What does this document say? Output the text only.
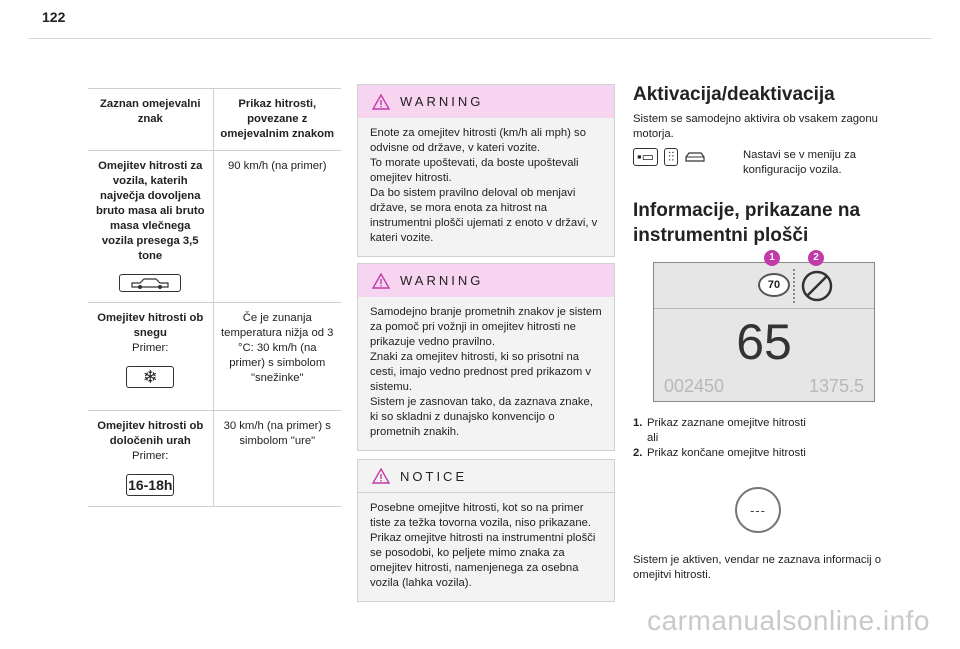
122
Zaznan omejevalni znak	Prikaz hitrosti, povezane z omejevalnim znakom

Omejitev hitrosti za vozila, katerih največja dovoljena bruto masa ali bruto masa vlečnega vozila presega 3,5 tone	90 km/h (na primer)

Omejitev hitrosti ob snegu
Primer:
❄	Če je zunanja temperatura nižja od 3 °C: 30 km/h (na primer) s simbolom "snežinke"

Omejitev hitrosti ob določenih urah
Primer:
16-18h	30 km/h (na primer) s simbolom "ure"
WARNING

Enote za omejitev hitrosti (km/h ali mph) so odvisne od države, v kateri vozite.

To morate upoštevati, da boste upoštevali omejitev hitrosti.

Da bo sistem pravilno deloval ob menjavi države, se mora enota za hitrost na instrumentni plošči ujemati z enoto v državi, v kateri vozite.

WARNING

Samodejno branje prometnih znakov je sistem za pomoč pri vožnji in omejitev hitrosti ne prikazuje vedno pravilno.

Znaki za omejitev hitrosti, ki so prisotni na cesti, imajo vedno prednost pred prikazom v sistemu.

Sistem je zasnovan tako, da zaznava znake, ki so skladni z dunajsko konvencijo o prometnih znakih.

NOTICE

Posebne omejitve hitrosti, kot so na primer tiste za težka tovorna vozila, niso prikazane.

Prikaz omejitve hitrosti na instrumentni plošči se posodobi, ko peljete mimo znaka za omejitev hitrosti, namenjenega za osebna vozila (lahka vozila).

Aktivacija/deaktivacija
Sistem se samodejno aktivira ob vsakem zagonu motorja.
▪▭	⫶⫶	Nastavi se v meniju za konfiguracijo vozila.
Informacije, prikazane na
instrumentni plošči
1	2
70
65
002450	1375.5
1. Prikaz zaznane omejitve hitrosti
ali
2. Prikaz končane omejitve hitrosti
---
Sistem je aktiven, vendar ne zaznava informacij o omejitvi hitrosti.
carmanualsonline.info
